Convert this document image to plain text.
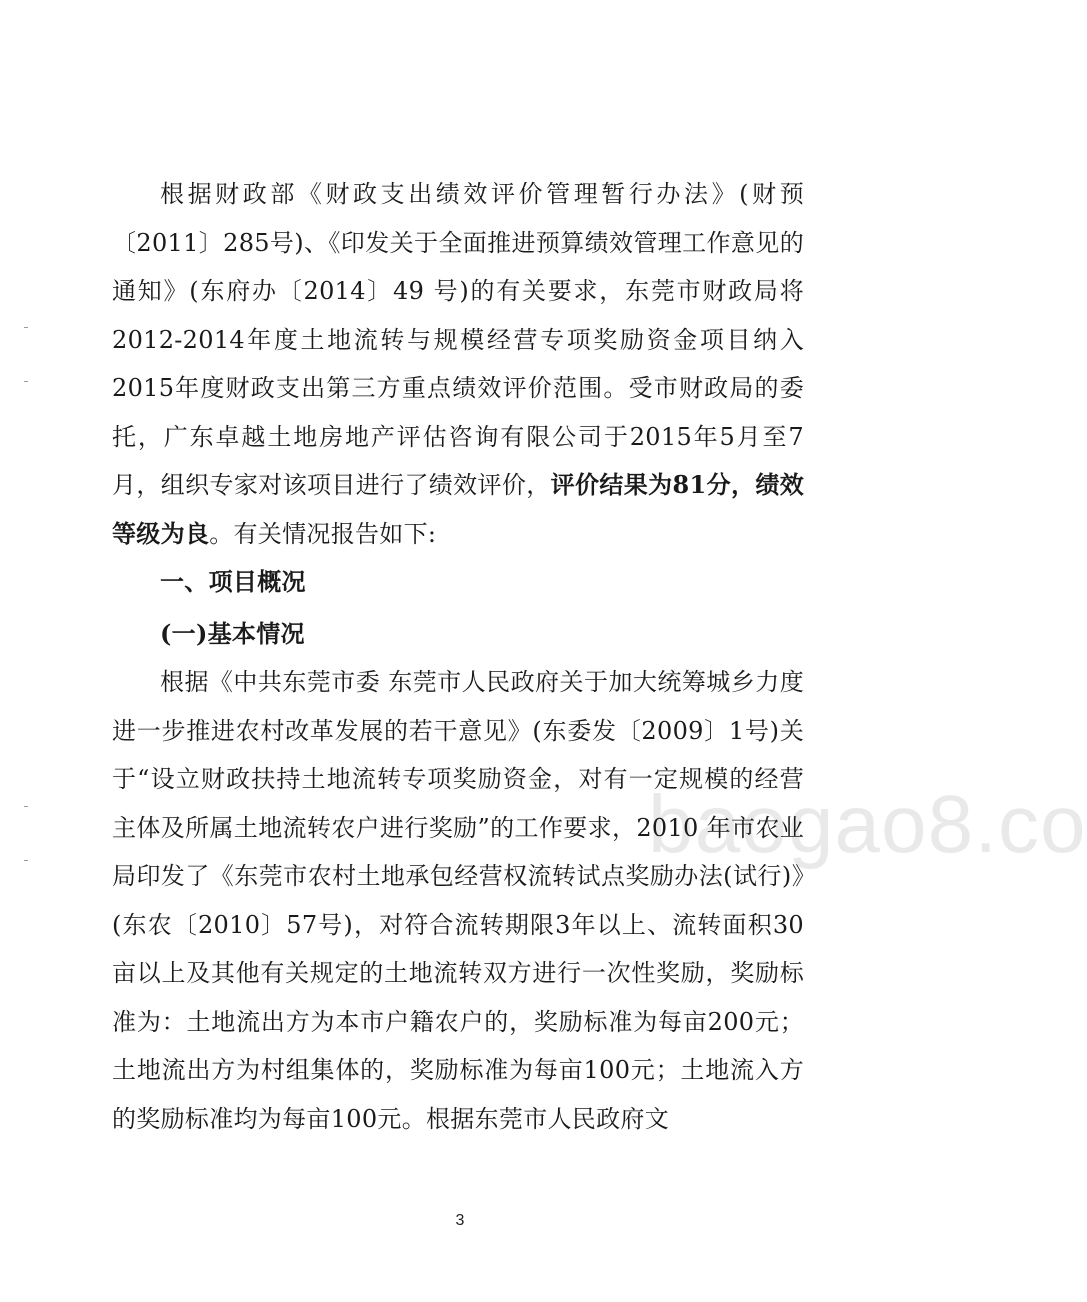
baogao8.co

根据财政部《财政支出绩效评价管理暂行办法》(财预〔2011〕285号)、《印发关于全面推进预算绩效管理工作意见的通知》(东府办〔2014〕49 号)的有关要求，东莞市财政局将2012-2014年度土地流转与规模经营专项奖励资金项目纳入2015年度财政支出第三方重点绩效评价范围。受市财政局的委托，广东卓越土地房地产评估咨询有限公司于2015年5月至7月，组织专家对该项目进行了绩效评价，评价结果为81分，绩效等级为良。有关情况报告如下:

一、项目概况

(一)基本情况

根据《中共东莞市委 东莞市人民政府关于加大统筹城乡力度 进一步推进农村改革发展的若干意见》(东委发〔2009〕1号)关于“设立财政扶持土地流转专项奖励资金，对有一定规模的经营主体及所属土地流转农户进行奖励”的工作要求，2010 年市农业局印发了《东莞市农村土地承包经营权流转试点奖励办法(试行)》(东农〔2010〕57号)，对符合流转期限3年以上、流转面积30亩以上及其他有关规定的土地流转双方进行一次性奖励，奖励标准为：土地流出方为本市户籍农户的，奖励标准为每亩200元；土地流出方为村组集体的，奖励标准为每亩100元；土地流入方的奖励标准均为每亩100元。根据东莞市人民政府文

3
